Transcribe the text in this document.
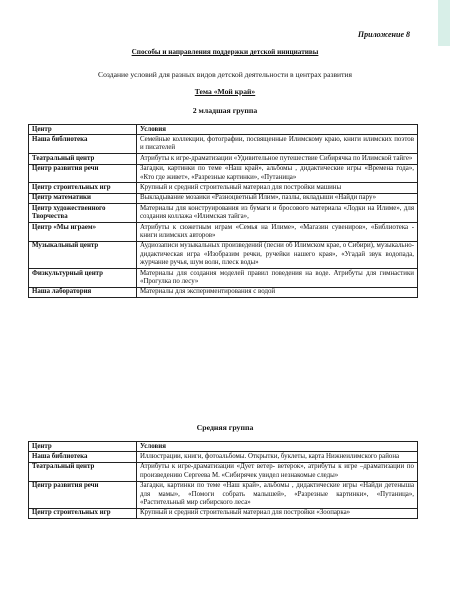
Приложение 8
Способы и направления поддержки детской инициативы
Создание условий для разных видов детской деятельности в центрах развития
Тема «Мой край»
2 младшая группа
Центр	Условия
Наша библиотека	Семейные коллекции, фотографии, посвященные Илимскому краю, книги илимских поэтов и писателей
Театральный центр	Атрибуты к игре-драматизации «Удивительное путешествие Сибирячка по Илимской тайге»
Центр развития речи	Загадки, картинки по теме «Наш край», альбомы , дидактические игры «Времена года», «Кто где живет», «Разрезные картинки», «Путаница»
Центр строительных игр	Крупный и средний строительный материал для постройки машины
Центр математики	Выкладывание мозаики «Разноцветный Илим», пазлы, вкладыши «Найди пару»
Центр художественного Творчества	Материалы для конструирования из бумаги и бросового материала «Лодки на Илиме», для создания коллажа «Илимская тайга»,
Центр «Мы играем»	Атрибуты к сюжетным играм «Семья на Илиме», «Магазин сувениров», «Библиотека - книги илимских авторов»
Музыкальный центр	Аудиозаписи музыкальных произведений (песни об Илимском крае, о Сибири), музыкально-дидактическая игра «Изобразим речки, ручейки нашего края», «Угадай звук водопада, журчание ручья, шум волн, плеск воды»
Физкультурный центр	Материалы для создания моделей правил поведения на воде. Атрибуты для гимнастики «Прогулка по лесу»
Наша лаборатория	Материалы для экспериментирования с водой
Средняя группа
Центр	Условия
Наша библиотека	Иллюстрации, книги, фотоальбомы. Открытки, буклеты, карта Нижнеилимского района
Театральный центр	Атрибуты к игре-драматизации «Дует ветер- ветерок», атрибуты к игре –драматизации по произведению Сергеева М. «Сибирячек увидел незнакомые следы»
Центр развития речи	Загадки, картинки по теме «Наш край», альбомы , дидактические игры «Найди детеныша для мамы», «Помоги собрать малышей», «Разрезные картинки», «Путаница», «Растительный мир сибирского леса»
Центр строительных игр	Крупный и средний строительный материал для постройки «Зоопарка»
